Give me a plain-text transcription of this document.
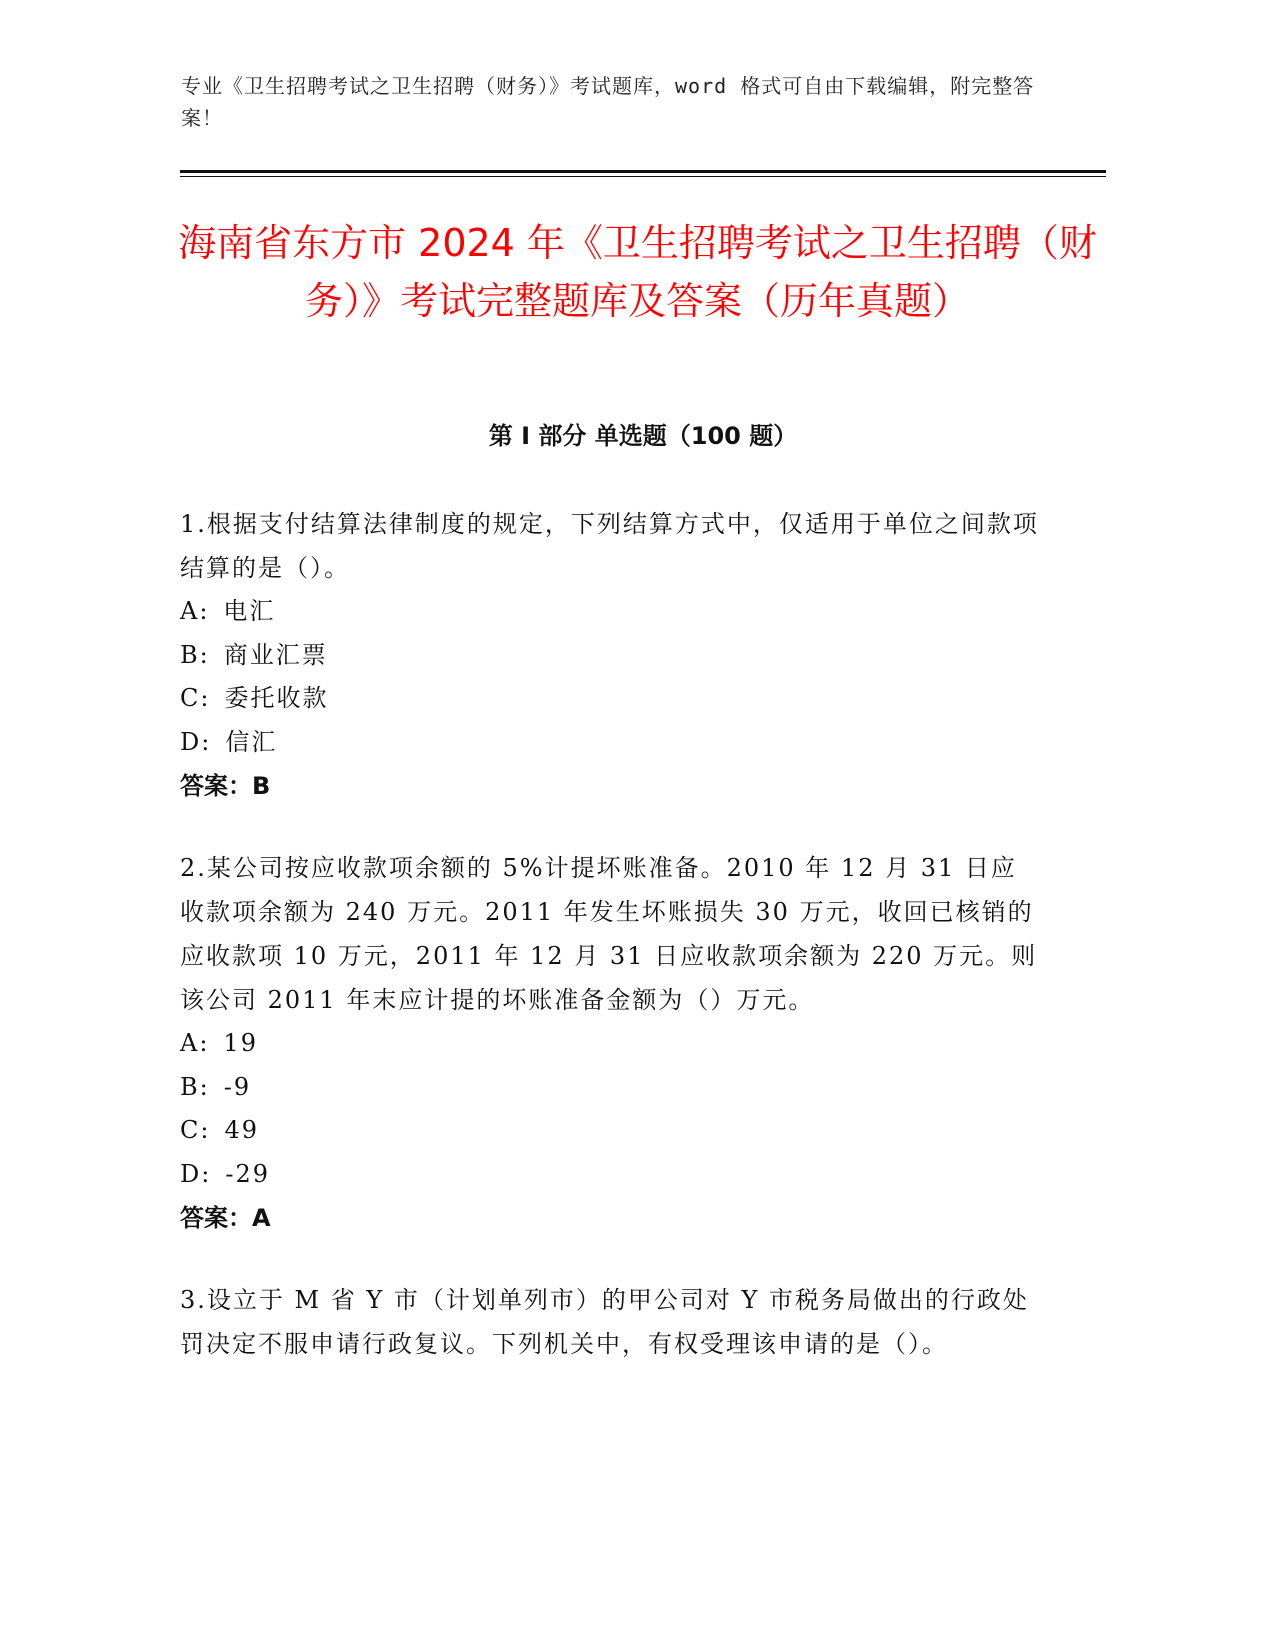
专业《卫生招聘考试之卫生招聘（财务）》考试题库，word 格式可自由下载编辑，附完整答案！
海南省东方市 2024 年《卫生招聘考试之卫生招聘（财务）》考试完整题库及答案（历年真题）
第 I 部分 单选题（100 题）

1.根据支付结算法律制度的规定，下列结算方式中，仅适用于单位之间款项结算的是（）。

A: 电汇
B: 商业汇票
C: 委托收款
D: 信汇
答案：B

2.某公司按应收款项余额的 5%计提坏账准备。2010 年 12 月 31 日应收款项余额为 240 万元。2011 年发生坏账损失 30 万元，收回已核销的应收款项 10 万元，2011 年 12 月 31 日应收款项余额为 220 万元。则该公司 2011 年末应计提的坏账准备金额为（）万元。

A: 19
B: -9
C: 49
D: -29
答案：A

3.设立于 M 省 Y 市（计划单列市）的甲公司对 Y 市税务局做出的行政处罚决定不服申请行政复议。下列机关中，有权受理该申请的是（）。
